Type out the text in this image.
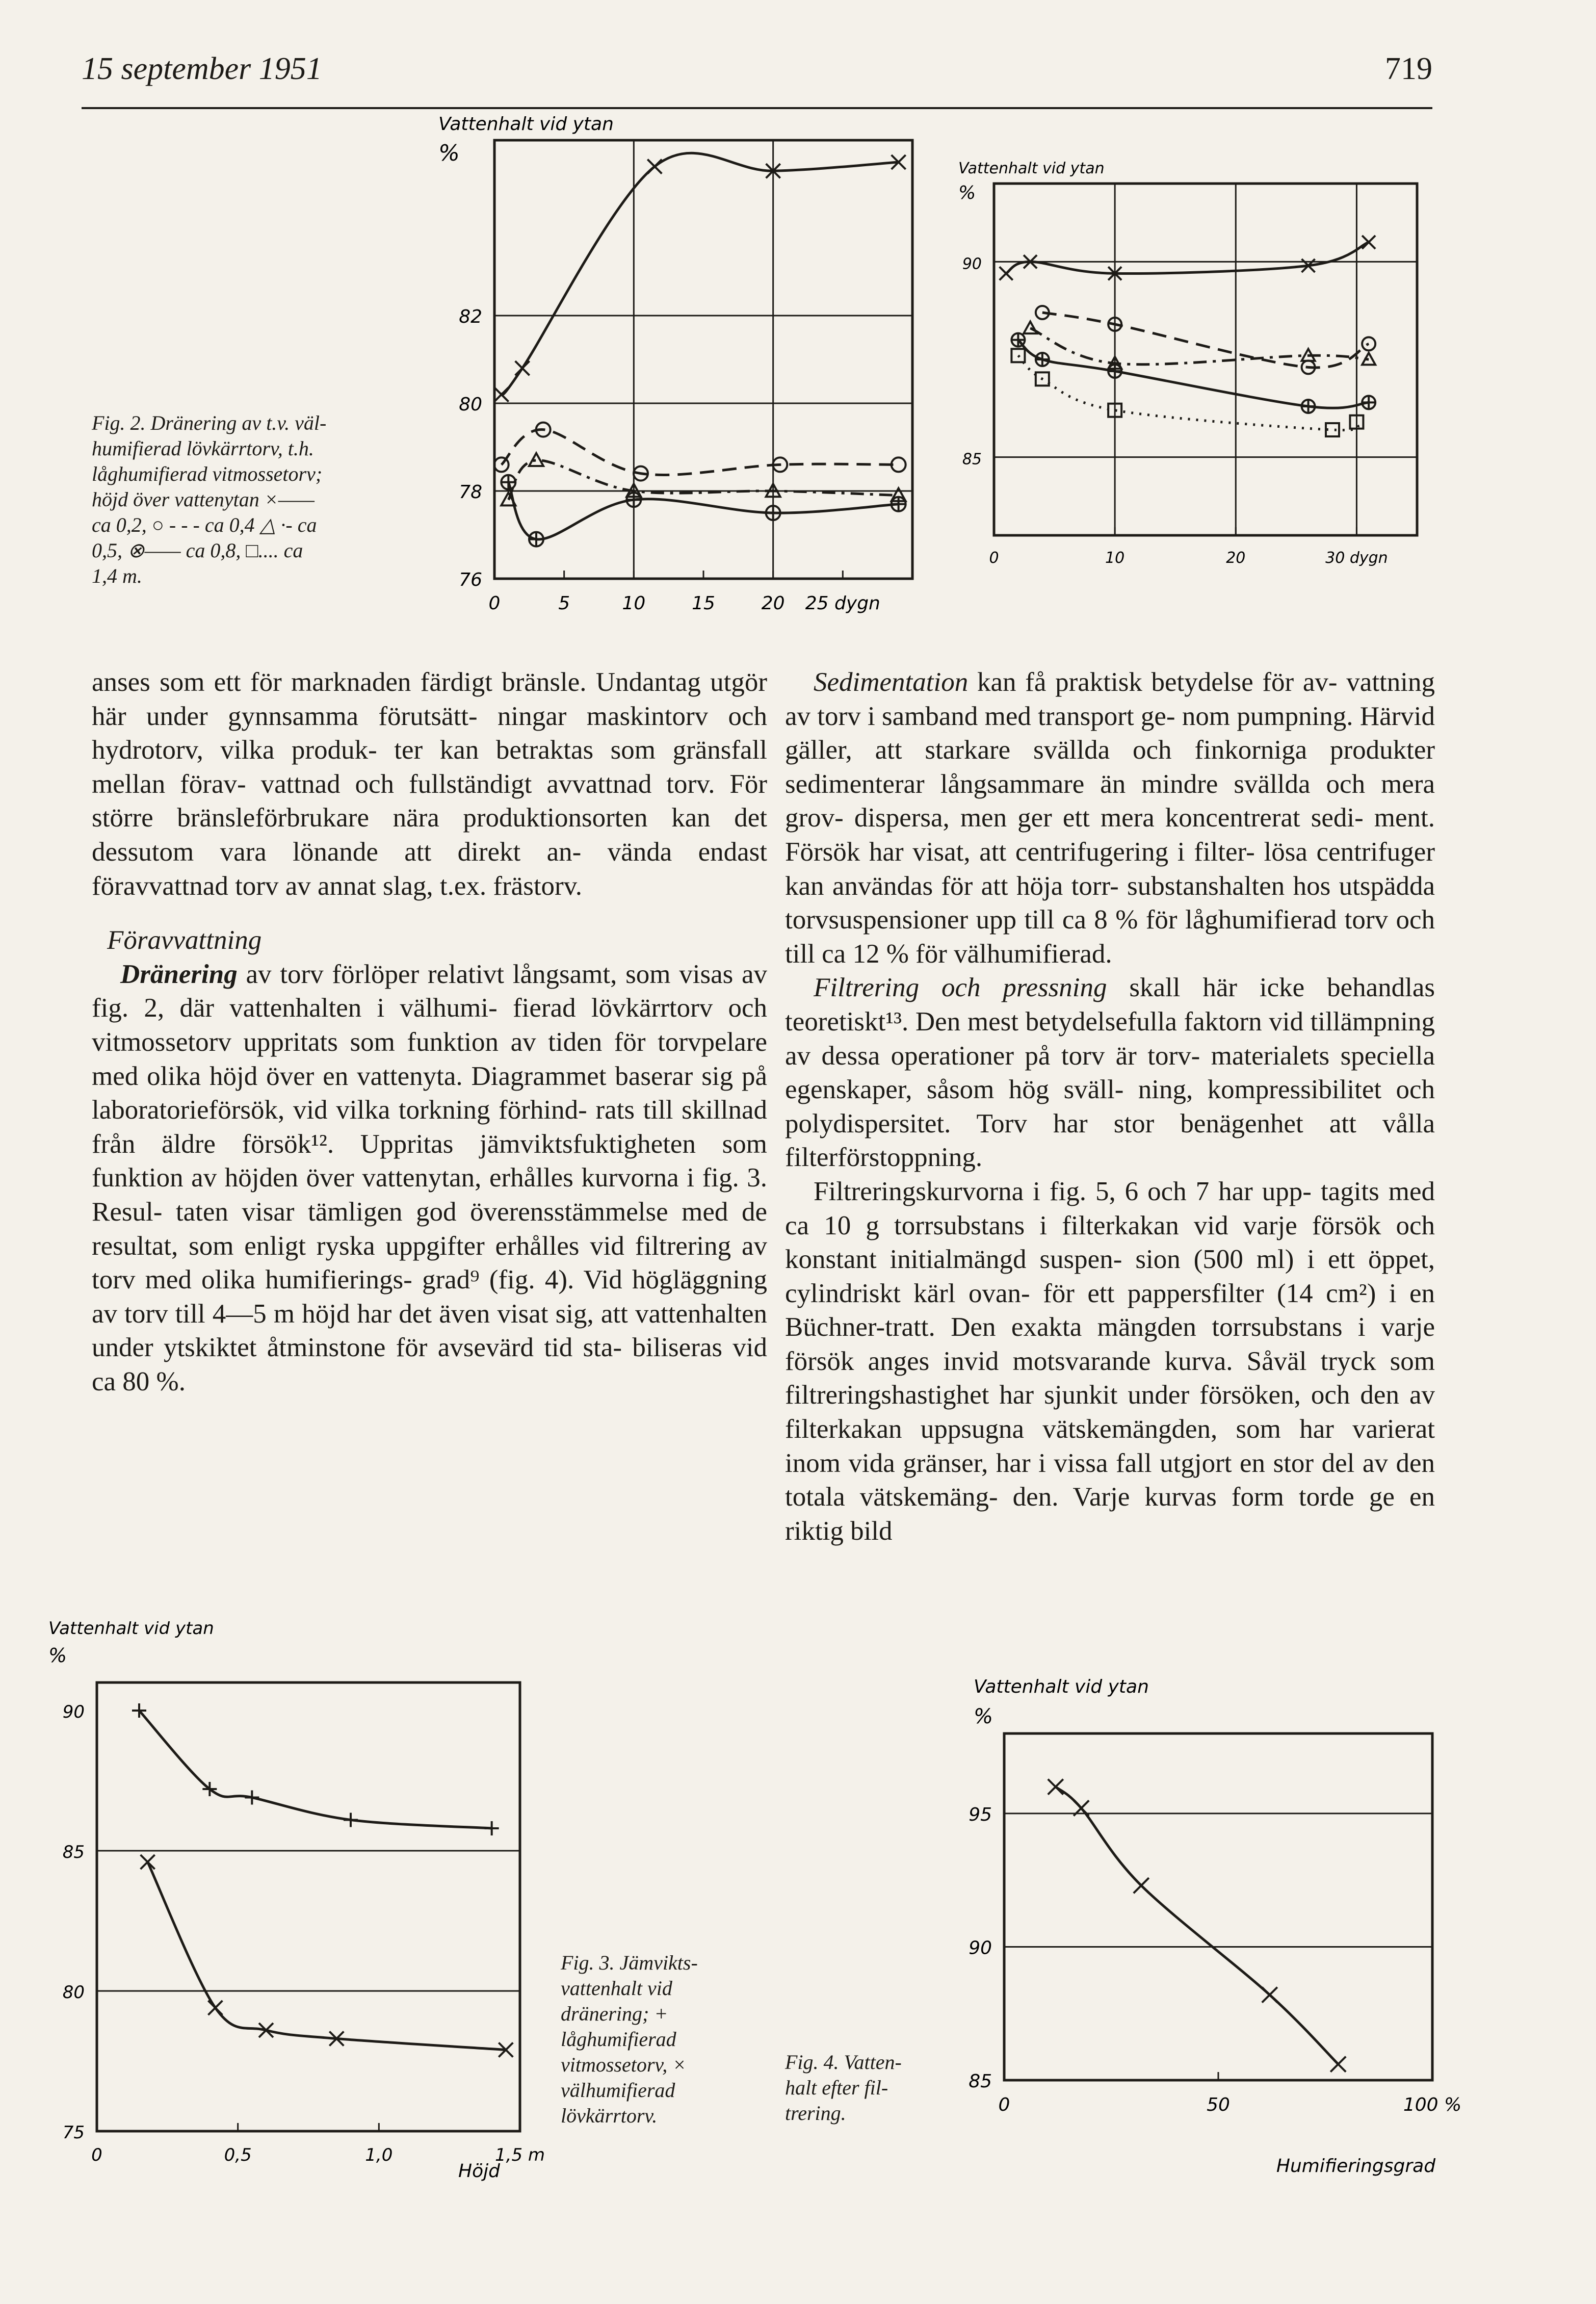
15 september 1951	719
Fig. 2. Dränering av t.v. väl-
humifierad lövkärrtorv, t.h.
låghumifierad vitmossetorv;
höjd över vattenytan ×——
ca 0,2, ○ - - - ca 0,4 △ ·- ca
0,5, ⊗—— ca 0,8, □.... ca
1,4 m.
Vattenhalt vid ytan
%
82
80
78
76
0	5	10	15	20 25 dygn
Vattenhalt vid ytan
%
90
85
0	10	20	30 dygn

anses som ett för marknaden färdigt bränsle. Undantag utgör här under gynnsamma förutsätt- ningar maskintorv och hydrotorv, vilka produk- ter kan betraktas som gränsfall mellan förav- vattnad och fullständigt avvattnad torv. För större bränsleförbrukare nära produktionsorten kan det dessutom vara lönande att direkt an- vända endast föravvattnad torv av annat slag, t.ex. frästorv.

Föravvattning

Dränering av torv förlöper relativt långsamt, som visas av fig. 2, där vattenhalten i välhumi- fierad lövkärrtorv och vitmossetorv uppritats som funktion av tiden för torvpelare med olika höjd över en vattenyta. Diagrammet baserar sig på laboratorieförsök, vid vilka torkning förhind- rats till skillnad från äldre försök¹². Uppritas jämviktsfuktigheten som funktion av höjden över vattenytan, erhålles kurvorna i fig. 3. Resul- taten visar tämligen god överensstämmelse med de resultat, som enligt ryska uppgifter erhålles vid filtrering av torv med olika humifierings- grad⁹ (fig. 4). Vid högläggning av torv till 4—5 m höjd har det även visat sig, att vattenhalten under ytskiktet åtminstone för avsevärd tid sta- biliseras vid ca 80 %.

Sedimentation kan få praktisk betydelse för av- vattning av torv i samband med transport ge- nom pumpning. Härvid gäller, att starkare svällda och finkorniga produkter sedimenterar långsammare än mindre svällda och mera grov- dispersa, men ger ett mera koncentrerat sedi- ment. Försök har visat, att centrifugering i filter- lösa centrifuger kan användas för att höja torr- substanshalten hos utspädda torvsuspensioner upp till ca 8 % för låghumifierad torv och till ca 12 % för välhumifierad.

Filtrering och pressning skall här icke behandlas teoretiskt¹³. Den mest betydelsefulla faktorn vid tillämpning av dessa operationer på torv är torv- materialets speciella egenskaper, såsom hög sväll- ning, kompressibilitet och polydispersitet. Torv har stor benägenhet att vålla filterförstoppning.

Filtreringskurvorna i fig. 5, 6 och 7 har upp- tagits med ca 10 g torrsubstans i filterkakan vid varje försök och konstant initialmängd suspen- sion (500 ml) i ett öppet, cylindriskt kärl ovan- för ett pappersfilter (14 cm²) i en Büchner-tratt. Den exakta mängden torrsubstans i varje försök anges invid motsvarande kurva. Såväl tryck som filtreringshastighet har sjunkit under försöken, och den av filterkakan uppsugna vätskemängden, som har varierat inom vida gränser, har i vissa fall utgjort en stor del av den totala vätskemäng- den. Varje kurvas form torde ge en riktig bild

Vattenhalt vid ytan
%
90
85
80
75
0	0,5	1,0	1,5 m
Höjd
Fig. 3. Jämvikts-
vattenhalt vid
dränering; +
låghumifierad
vitmossetorv, ×
välhumifierad
lövkärrtorv.
Fig. 4. Vatten-
halt efter fil-
trering.
Vattenhalt vid ytan
%
95
90
85
0	50	100 %
Humifieringsgrad
